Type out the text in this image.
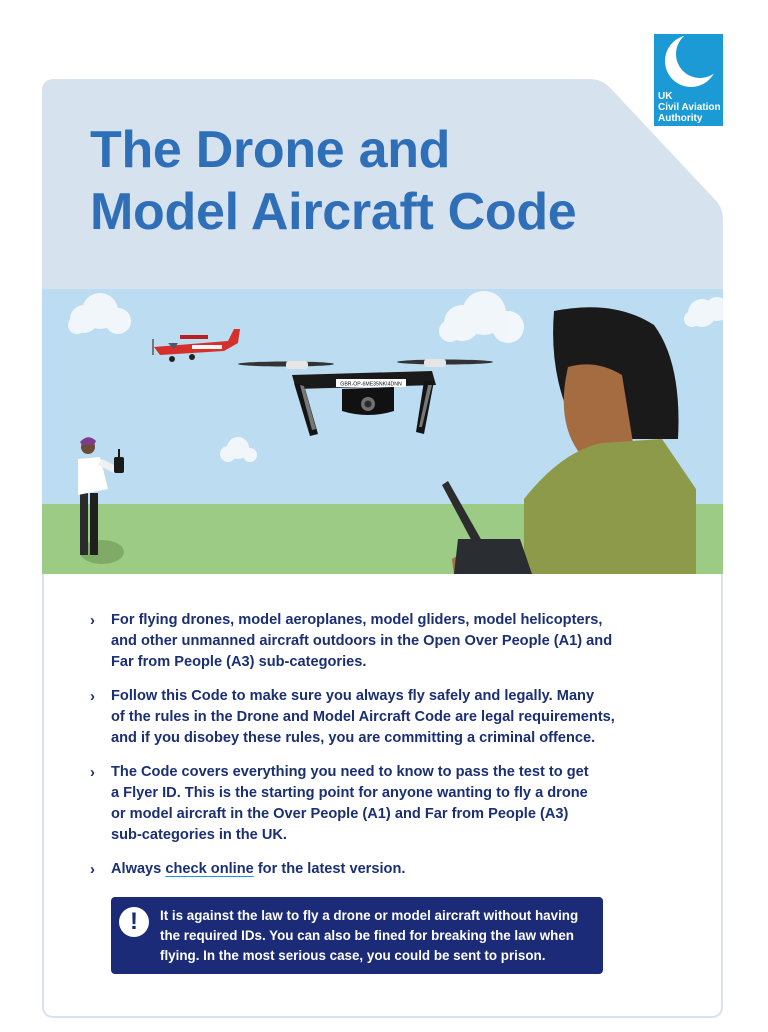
UK
Civil Aviation
Authority
The Drone and
Model Aircraft Code
GBR-OP-6ME35NKI4DNN
› For flying drones, model aeroplanes, model gliders, model helicopters,
and other unmanned aircraft outdoors in the Open Over People (A1) and
Far from People (A3) sub-categories.
› Follow this Code to make sure you always fly safely and legally. Many
of the rules in the Drone and Model Aircraft Code are legal requirements,
and if you disobey these rules, you are committing a criminal offence.
› The Code covers everything you need to know to pass the test to get
a Flyer ID. This is the starting point for anyone wanting to fly a drone
or model aircraft in the Over People (A1) and Far from People (A3)
sub-categories in the UK.
› Always check online for the latest version.
!	It is against the law to fly a drone or model aircraft without having
the required IDs. You can also be fined for breaking the law when
flying. In the most serious case, you could be sent to prison.
